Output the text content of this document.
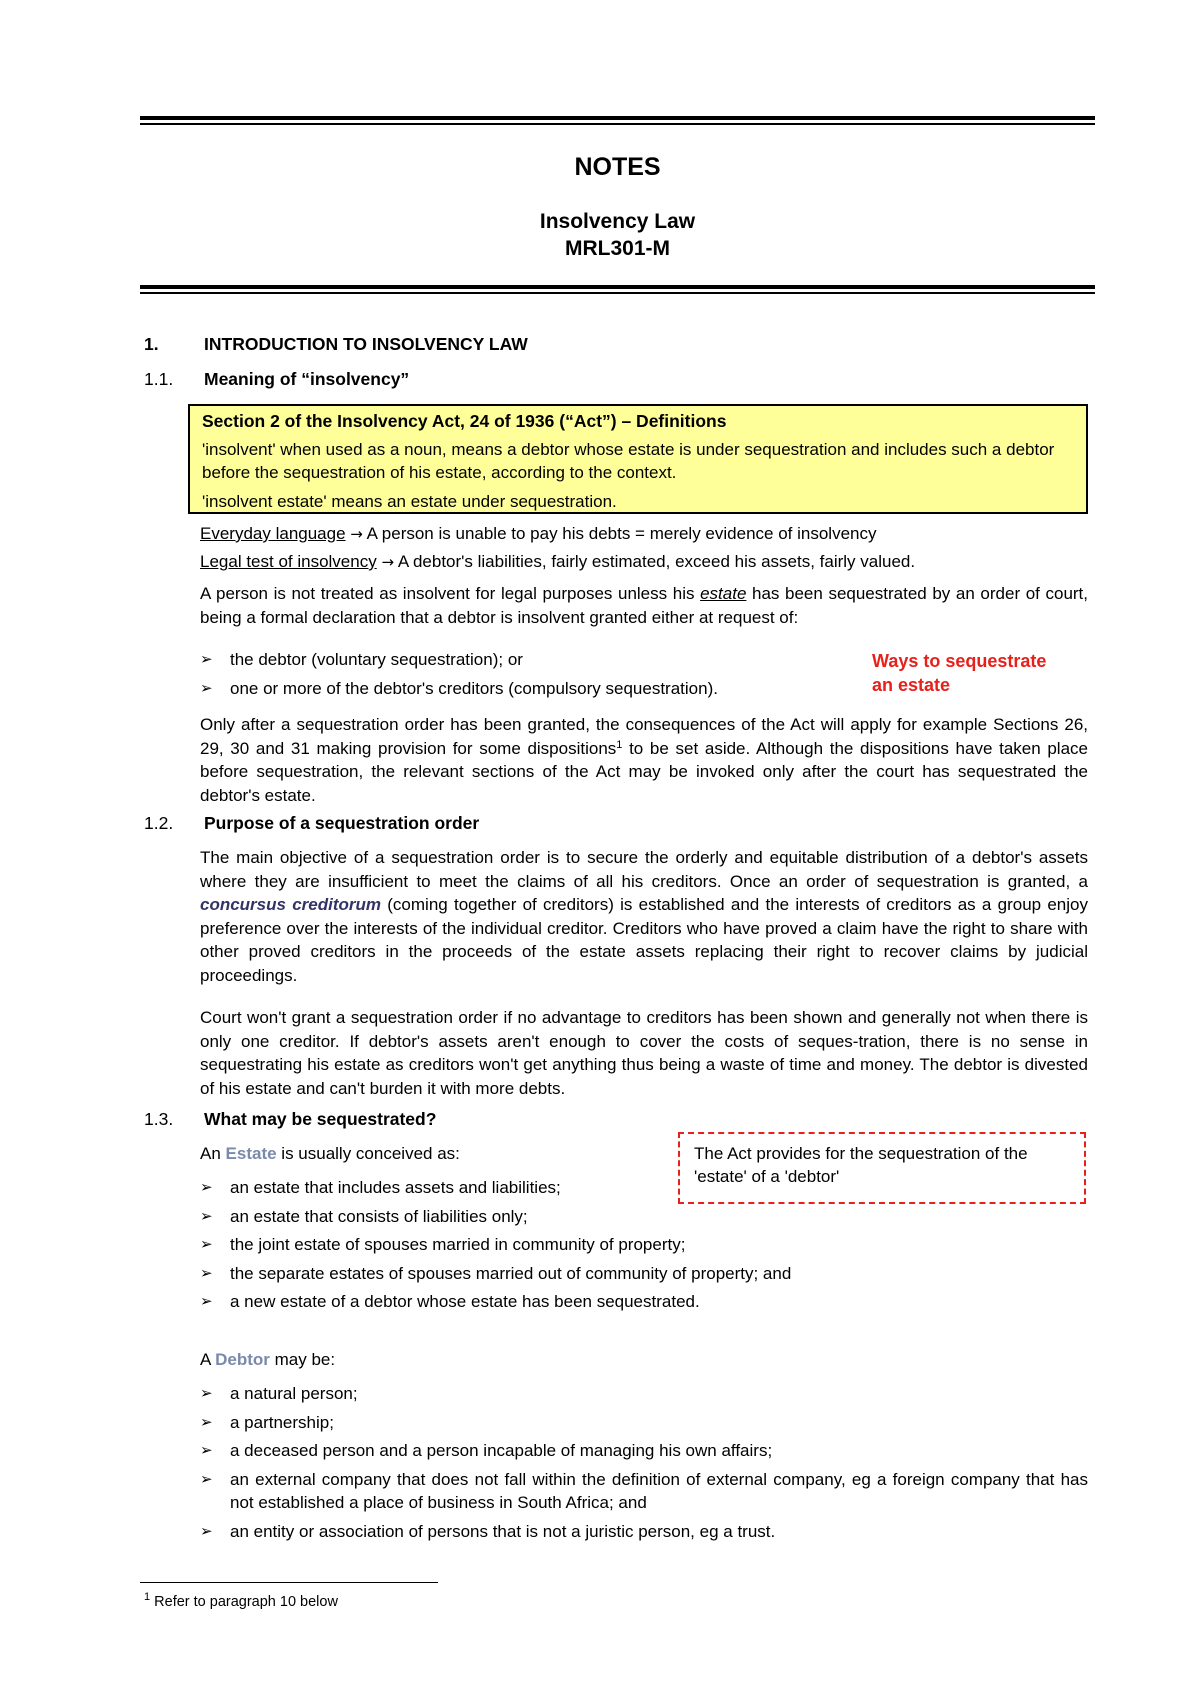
NOTES
Insolvency Law
MRL301-M
1.	INTRODUCTION TO INSOLVENCY LAW
1.1. Meaning of “insolvency”
Section 2 of the Insolvency Act, 24 of 1936 (“Act”) – Definitions

'insolvent' when used as a noun, means a debtor whose estate is under sequestration and includes such a debtor before the sequestration of his estate, according to the context.

'insolvent estate' means an estate under sequestration.

Everyday language → A person is unable to pay his debts = merely evidence of insolvency
Legal test of insolvency → A debtor's liabilities, fairly estimated, exceed his assets, fairly valued.
A person is not treated as insolvent for legal purposes unless his estate has been sequestrated by an order of court, being a formal declaration that a debtor is insolvent granted either at request of:
➢ the debtor (voluntary sequestration); or
➢ one or more of the debtor's creditors (compulsory sequestration).
Ways to sequestrate
an estate
Only after a sequestration order has been granted, the consequences of the Act will apply for example Sections 26, 29, 30 and 31 making provision for some dispositions$^1$ to be set aside. Although the dispositions have taken place before sequestration, the relevant sections of the Act may be invoked only after the court has sequestrated the debtor's estate.
1.2. Purpose of a sequestration order
The main objective of a sequestration order is to secure the orderly and equitable distribution of a debtor's assets where they are insufficient to meet the claims of all his creditors. Once an order of sequestration is granted, a concursus creditorum (coming together of creditors) is established and the interests of creditors as a group enjoy preference over the interests of the individual creditor. Creditors who have proved a claim have the right to share with other proved creditors in the proceeds of the estate assets replacing their right to recover claims by judicial proceedings.
Court won't grant a sequestration order if no advantage to creditors has been shown and generally not when there is only one creditor. If debtor's assets aren't enough to cover the costs of seques-tration, there is no sense in sequestrating his estate as creditors won't get anything thus being a waste of time and money. The debtor is divested of his estate and can't burden it with more debts.
1.3. What may be sequestrated?
An Estate is usually conceived as:	The Act provides for the sequestration of the 'estate' of a 'debtor'
➢ an estate that includes assets and liabilities;
➢ an estate that consists of liabilities only;
➢ the joint estate of spouses married in community of property;
➢ the separate estates of spouses married out of community of property; and
➢ a new estate of a debtor whose estate has been sequestrated.
A Debtor may be:
➢ a natural person;
➢ a partnership;
➢ a deceased person and a person incapable of managing his own affairs;
➢ an external company that does not fall within the definition of external company, eg a foreign company that has not established a place of business in South Africa; and
➢ an entity or association of persons that is not a juristic person, eg a trust.
$^1$ Refer to paragraph 10 below
